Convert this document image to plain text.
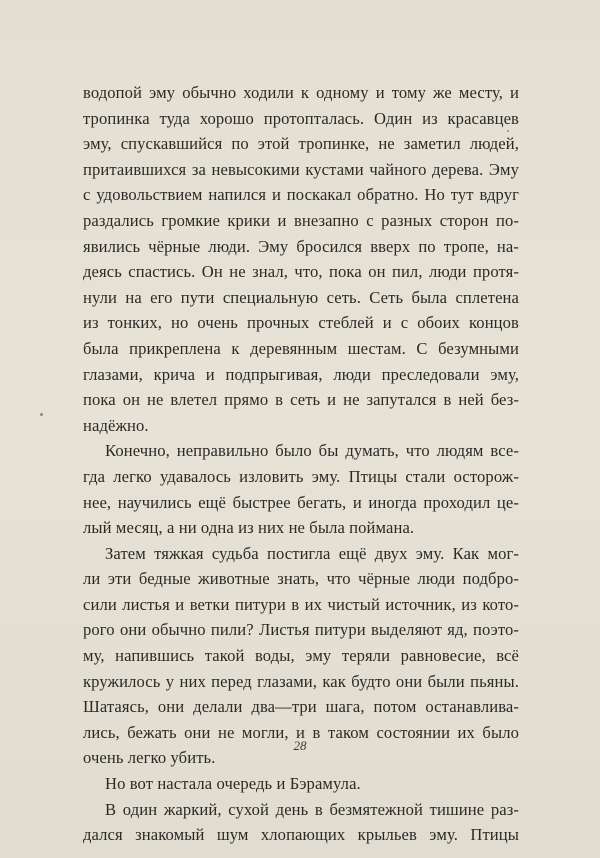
водопой эму обычно ходили к одному и тому же месту, и
тропинка туда хорошо протопталась. Один из красавцев
эму, спускавшийся по этой тропинке, не заметил людей,
притаившихся за невысокими кустами чайного дерева. Эму
с удовольствием напился и поскакал обратно. Но тут вдруг
раздались громкие крики и внезапно с разных сторон по-
явились чёрные люди. Эму бросился вверх по тропе, на-
деясь спастись. Он не знал, что, пока он пил, люди протя-
нули на его пути специальную сеть. Сеть была сплетена
из тонких, но очень прочных стеблей и с обоих концов
была прикреплена к деревянным шестам. С безумными
глазами, крича и подпрыгивая, люди преследовали эму,
пока он не влетел прямо в сеть и не запутался в ней без-
надёжно.
Конечно, неправильно было бы думать, что людям все-
гда легко удавалось изловить эму. Птицы стали осторож-
нее, научились ещё быстрее бегать, и иногда проходил це-
лый месяц, а ни одна из них не была поймана.
Затем тяжкая судьба постигла ещё двух эму. Как мог-
ли эти бедные животные знать, что чёрные люди подбро-
сили листья и ветки питури в их чистый источник, из кото-
рого они обычно пили? Листья питури выделяют яд, поэто-
му, напившись такой воды, эму теряли равновесие, всё
кружилось у них перед глазами, как будто они были пьяны.
Шатаясь, они делали два—три шага, потом останавлива-
лись, бежать они не могли, и в таком состоянии их было
очень легко убить.
Но вот настала очередь и Бэрамула.
В один жаркий, сухой день в безмятежной тишине раз-
дался знакомый шум хлопающих крыльев эму. Птицы
28
